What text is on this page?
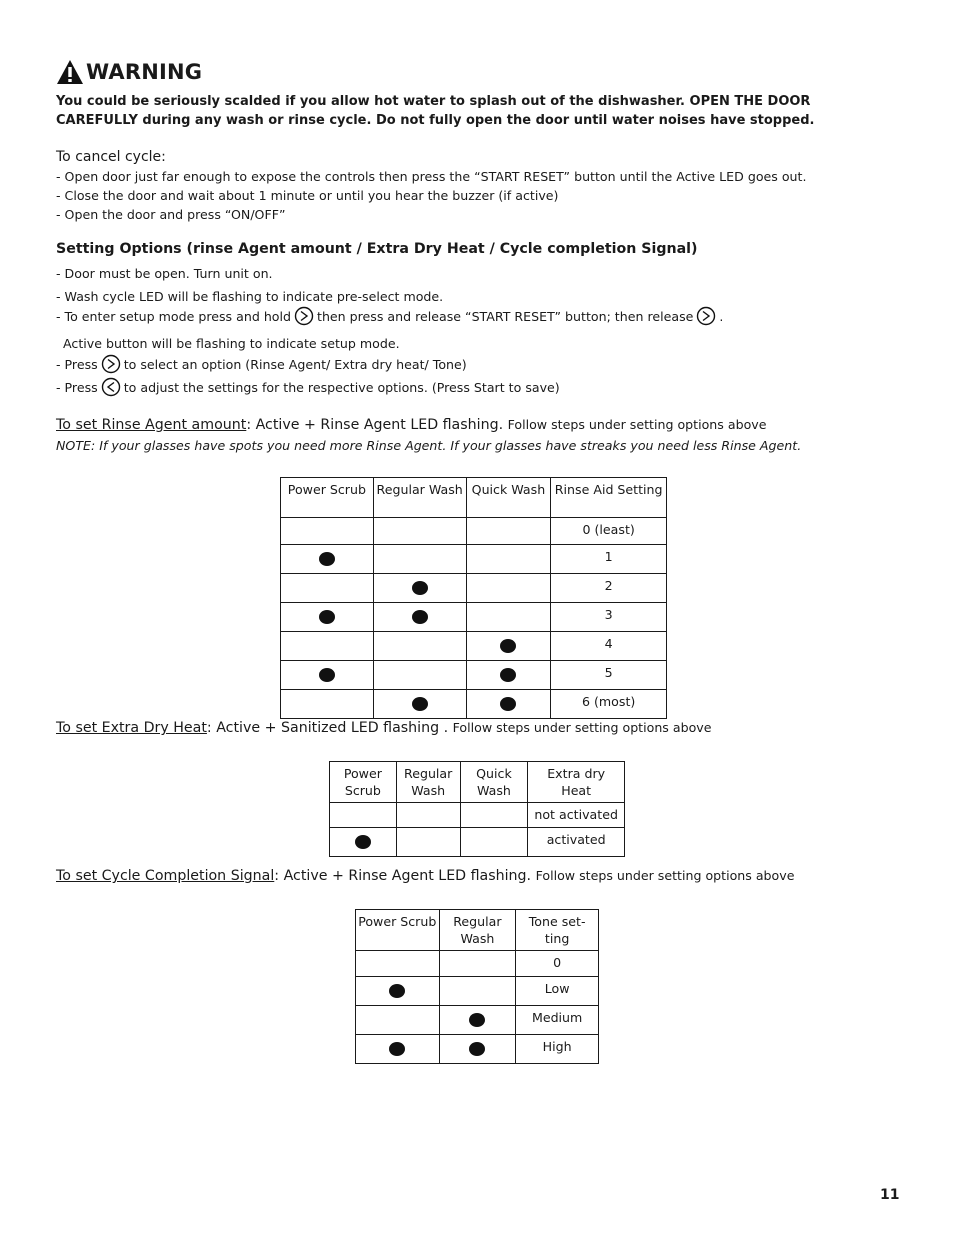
WARNING
You could be seriously scalded if you allow hot water to splash out of the dishwasher. OPEN THE DOOR CAREFULLY during any wash or rinse cycle. Do not fully open the door until water noises have stopped.
To cancel cycle:
- Open door just far enough to expose the controls then press the “START RESET” button until the Active LED goes out.
- Close the door and wait about 1 minute or until you hear the buzzer (if active)
- Open the door and press “ON/OFF”
Setting Options (rinse Agent amount / Extra Dry Heat / Cycle completion Signal)
- Door must be open. Turn unit on.
- Wash cycle LED will be flashing to indicate pre-select mode.
- To enter setup mode press and hold then press and release “START RESET” button; then release .
Active button will be flashing to indicate setup mode.
- Press to select an option (Rinse Agent/ Extra dry heat/ Tone)
- Press to adjust the settings for the respective options. (Press Start to save)
To set Rinse Agent amount: Active + Rinse Agent LED flashing. Follow steps under setting options above
NOTE: If your glasses have spots you need more Rinse Agent. If your glasses have streaks you need less Rinse Agent.
Power Scrub	Regular Wash	Quick Wash	Rinse Aid Setting
			0 (least)
			1
			2
			3
			4
			5
			6 (most)
To set Extra Dry Heat: Active + Sanitized LED flashing . Follow steps under setting options above
Power Scrub	Regular Wash	Quick Wash	Extra dry Heat
			not activated
			activated
To set Cycle Completion Signal: Active + Rinse Agent LED flashing. Follow steps under setting options above
Power Scrub	Regular Wash	Tone set-ting
		0
		Low
		Medium
		High
11
